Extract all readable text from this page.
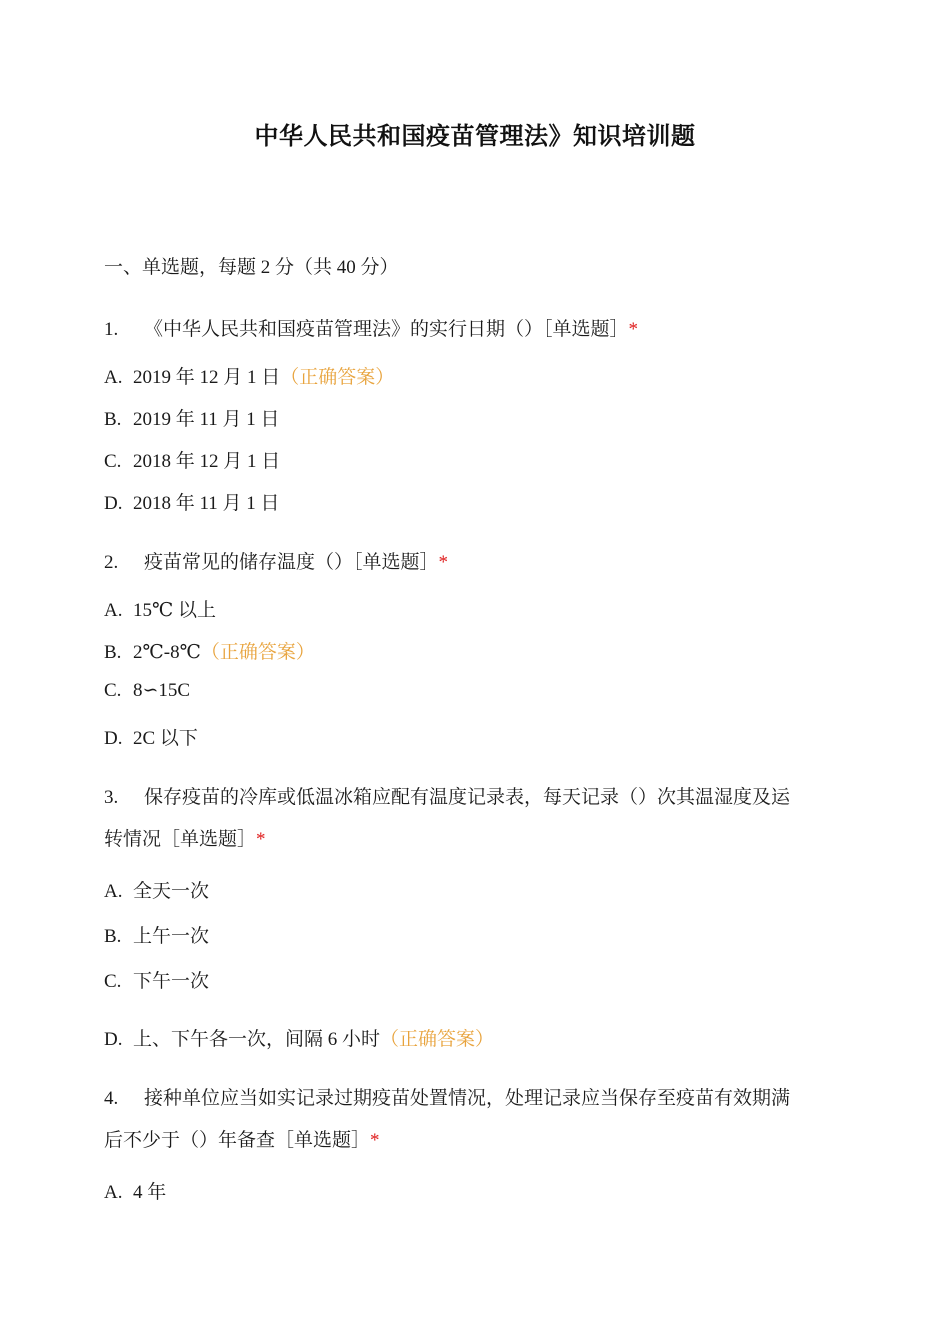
中华人民共和国疫苗管理法》知识培训题
一、单选题，每题 2 分（共 40 分）
1. 《中华人民共和国疫苗管理法》的实行日期（）［单选题］*
A. 2019 年 12 月 1 日（正确答案）
B. 2019 年 11 月 1 日
C. 2018 年 12 月 1 日
D. 2018 年 11 月 1 日
2. 疫苗常见的储存温度（）［单选题］*
A. 15℃ 以上
B. 2℃-8℃（正确答案）
C. 8∽15C
D. 2C 以下
3. 保存疫苗的冷库或低温冰箱应配有温度记录表，每天记录（）次其温湿度及运
转情况［单选题］*
A. 全天一次
B. 上午一次
C. 下午一次
D. 上、下午各一次，间隔 6 小时（正确答案）
4. 接种单位应当如实记录过期疫苗处置情况，处理记录应当保存至疫苗有效期满
后不少于（）年备查［单选题］*
A. 4 年
